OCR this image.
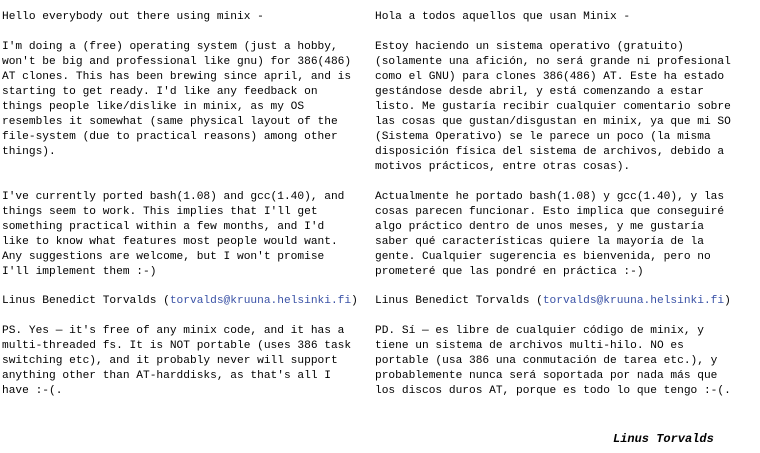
Hello everybody out there using minix -
I'm doing a (free) operating system (just a hobby,
won't be big and professional like gnu) for 386(486)
AT clones. This has been brewing since april, and is
starting to get ready. I'd like any feedback on
things people like/dislike in minix, as my OS
resembles it somewhat (same physical layout of the
file-system (due to practical reasons) among other
things).
I've currently ported bash(1.08) and gcc(1.40), and
things seem to work. This implies that I'll get
something practical within a few months, and I'd
like to know what features most people would want.
Any suggestions are welcome, but I won't promise
I'll implement them :-)
Linus Benedict Torvalds (torvalds@kruuna.helsinki.fi)
PS. Yes — it's free of any minix code, and it has a
multi-threaded fs. It is NOT portable (uses 386 task
switching etc), and it probably never will support
anything other than AT-harddisks, as that's all I
have :-(.
Hola a todos aquellos que usan Minix -
Estoy haciendo un sistema operativo (gratuito)
(solamente una afición, no será grande ni profesional
como el GNU) para clones 386(486) AT. Este ha estado
gestándose desde abril, y está comenzando a estar
listo. Me gustaría recibir cualquier comentario sobre
las cosas que gustan/disgustan en minix, ya que mi SO
(Sistema Operativo) se le parece un poco (la misma
disposición física del sistema de archivos, debido a
motivos prácticos, entre otras cosas).
Actualmente he portado bash(1.08) y gcc(1.40), y las
cosas parecen funcionar. Esto implica que conseguiré
algo práctico dentro de unos meses, y me gustaría
saber qué características quiere la mayoría de la
gente. Cualquier sugerencia es bienvenida, pero no
prometeré que las pondré en práctica :-)
Linus Benedict Torvalds (torvalds@kruuna.helsinki.fi)
PD. Sí — es libre de cualquier código de minix, y
tiene un sistema de archivos multi-hilo. NO es
portable (usa 386 una conmutación de tarea etc.), y
probablemente nunca será soportada por nada más que
los discos duros AT, porque es todo lo que tengo :-(.
Linus Torvalds
